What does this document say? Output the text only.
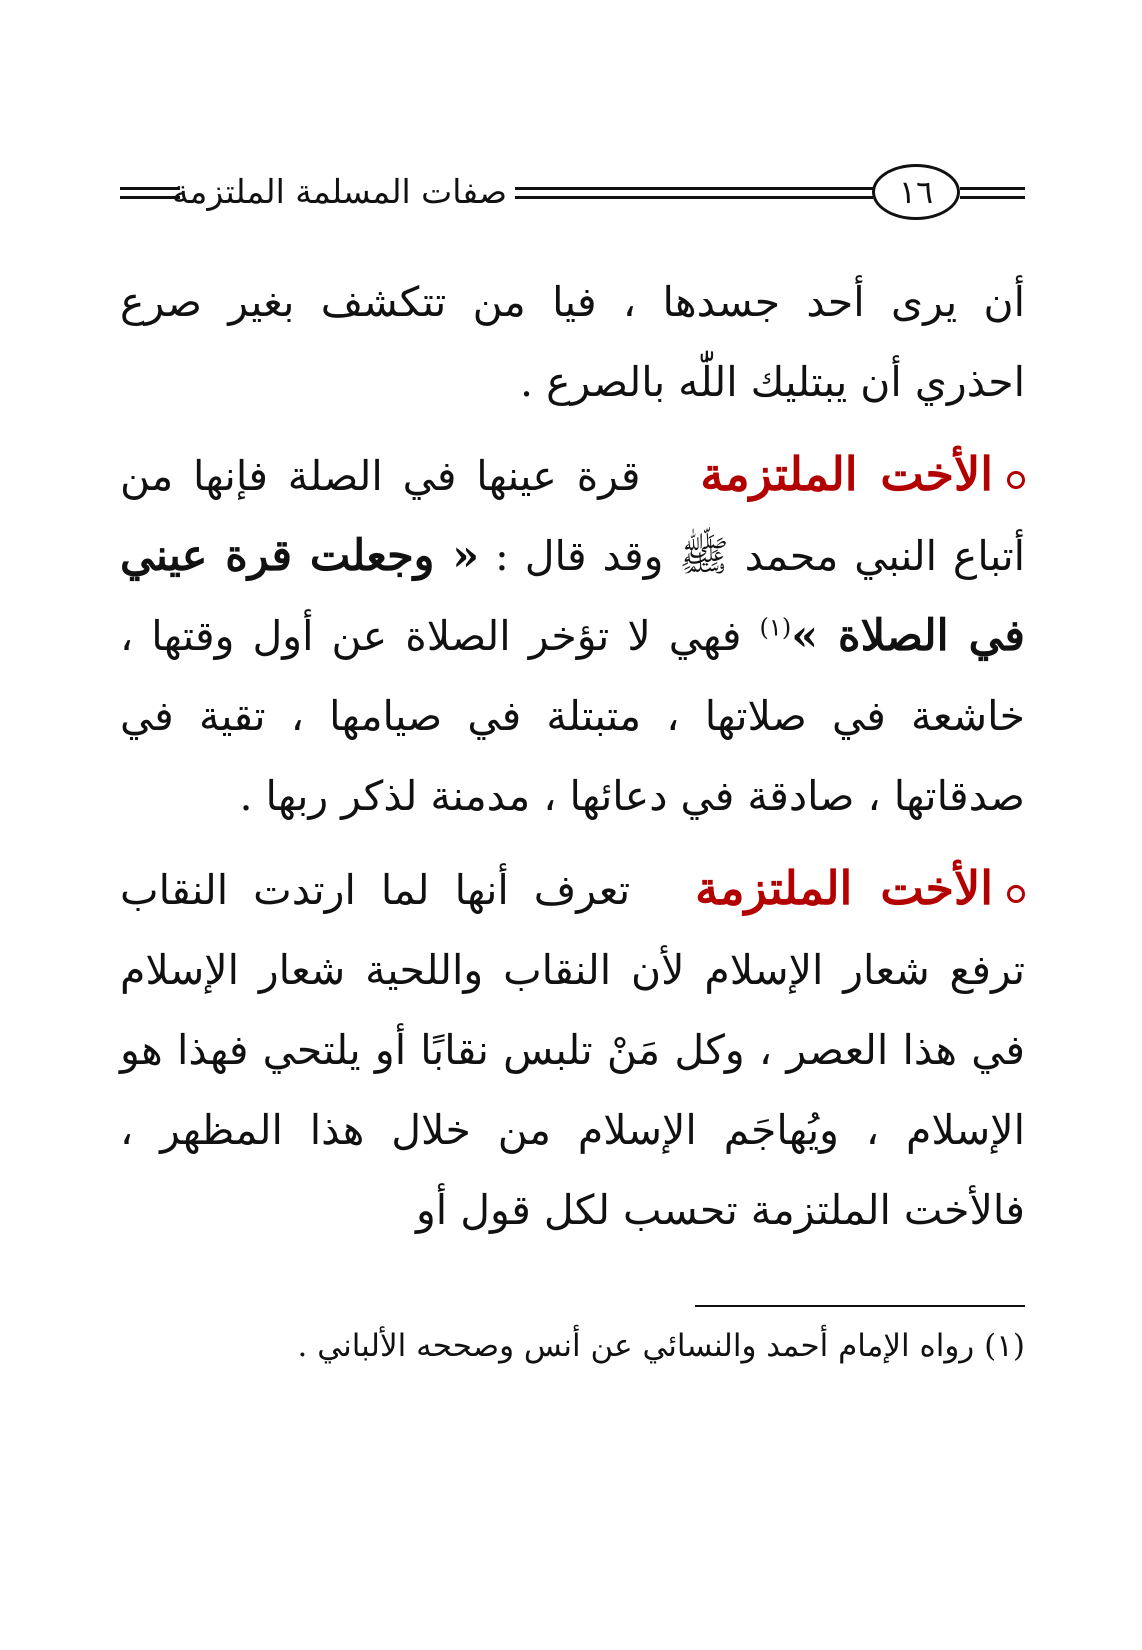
صفات المسلمة الملتزمة	١٦

أن يرى أحد جسدها ، فيا من تتكشف بغير صرع احذري أن يبتليك اللّٰه بالصرع .

الأخت الملتزمة قرة عينها في الصلة فإنها من أتباع النبي محمد ﷺ وقد قال : « وجعلت قرة عيني في الصلاة »$^{(١)}$ فهي لا تؤخر الصلاة عن أول وقتها ، خاشعة في صلاتها ، متبتلة في صيامها ، تقية في صدقاتها ، صادقة في دعائها ، مدمنة لذكر ربها .

الأخت الملتزمة تعرف أنها لما ارتدت النقاب ترفع شعار الإسلام لأن النقاب واللحية شعار الإسلام في هذا العصر ، وكل مَنْ تلبس نقابًا أو يلتحي فهذا هو الإسلام ، ويُهاجَم الإسلام من خلال هذا المظهر ، فالأخت الملتزمة تحسب لكل قول أو

(١) رواه الإمام أحمد والنسائي عن أنس وصححه الألباني .
